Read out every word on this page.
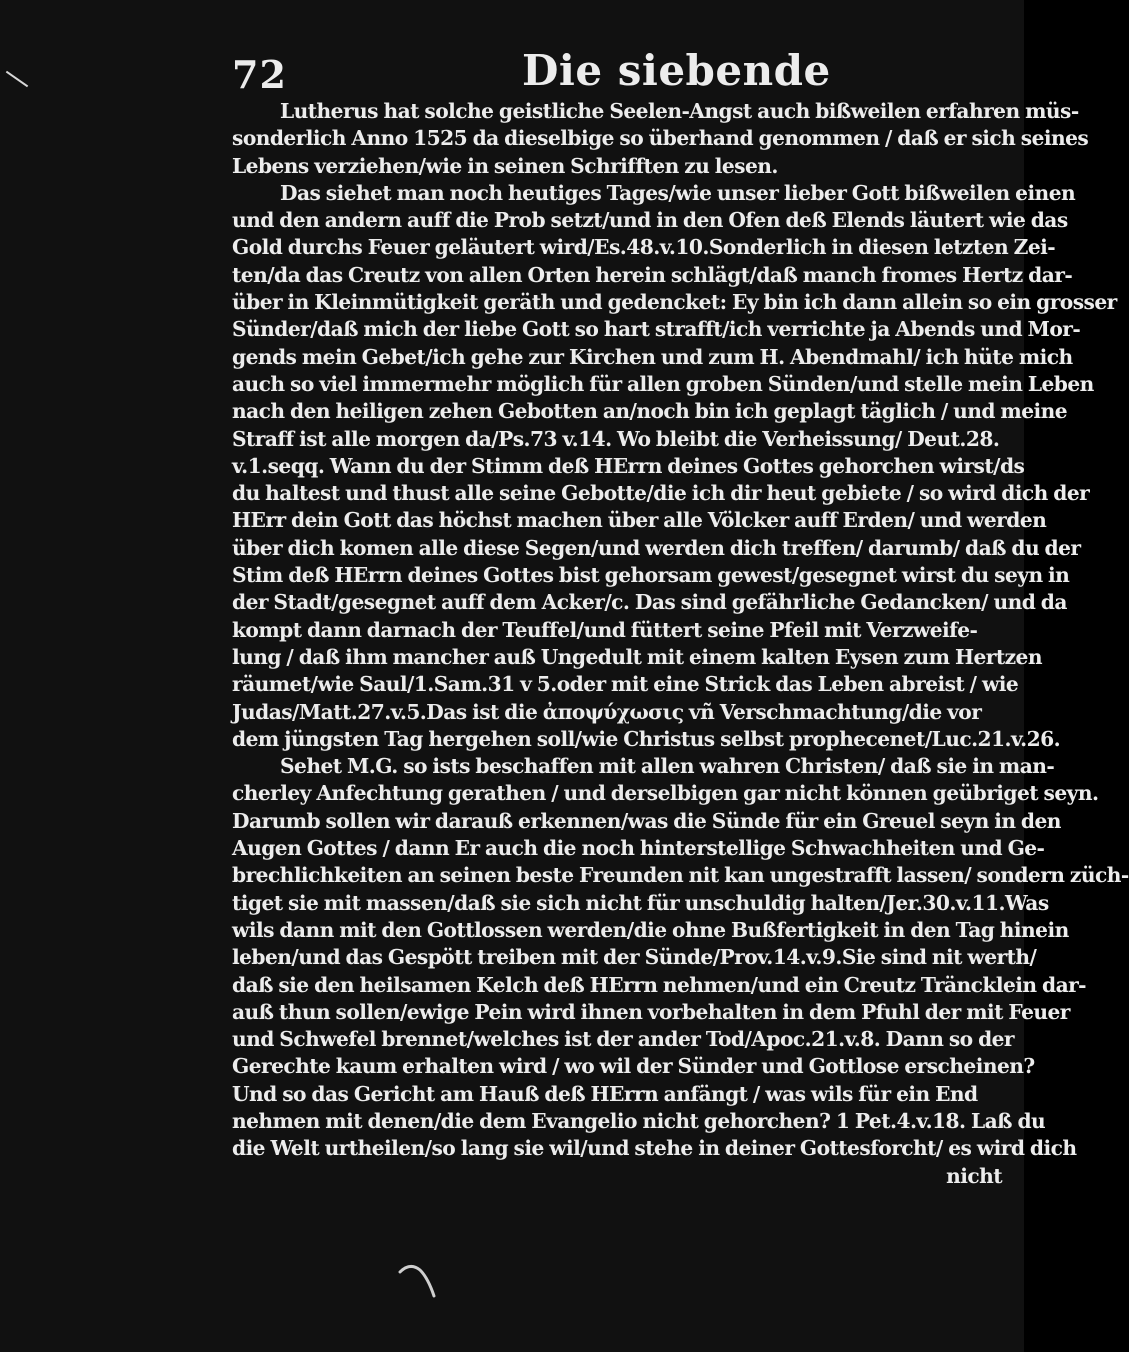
72	Die siebende
Lutherus hat solche geistliche Seelen-Angst auch bißweilen erfahren müs-
sonderlich Anno 1525 da dieselbige so überhand genommen / daß er sich seines
Lebens verziehen/wie in seinen Schrifften zu lesen.
Das siehet man noch heutiges Tages/wie unser lieber Gott bißweilen einen
und den andern auff die Prob setzt/und in den Ofen deß Elends läutert wie das
Gold durchs Feuer geläutert wird/Es.48.v.10.Sonderlich in diesen letzten Zei-
ten/da das Creutz von allen Orten herein schlägt/daß manch fromes Hertz dar-
über in Kleinmütigkeit geräth und gedencket: Ey bin ich dann allein so ein grosser
Sünder/daß mich der liebe Gott so hart strafft/ich verrichte ja Abends und Mor-
gends mein Gebet/ich gehe zur Kirchen und zum H. Abendmahl/ ich hüte mich
auch so viel immermehr möglich für allen groben Sünden/und stelle mein Leben
nach den heiligen zehen Gebotten an/noch bin ich geplagt täglich / und meine
Straff ist alle morgen da/Ps.73 v.14. Wo bleibt die Verheissung/ Deut.28.
v.1.seqq. Wann du der Stimm deß HErrn deines Gottes gehorchen wirst/ds
du haltest und thust alle seine Gebotte/die ich dir heut gebiete / so wird dich der
HErr dein Gott das höchst machen über alle Völcker auff Erden/ und werden
über dich komen alle diese Segen/und werden dich treffen/ darumb/ daß du der
Stim deß HErrn deines Gottes bist gehorsam gewest/gesegnet wirst du seyn in
der Stadt/gesegnet auff dem Acker/c. Das sind gefährliche Gedancken/ und da
kompt dann darnach der Teuffel/und füttert seine Pfeil mit Verzweife-
lung / daß ihm mancher auß Ungedult mit einem kalten Eysen zum Hertzen
räumet/wie Saul/1.Sam.31 v 5.oder mit eine Strick das Leben abreist / wie
Judas/Matt.27.v.5.Das ist die ἀποψύχωσις vñ Verschmachtung/die vor
dem jüngsten Tag hergehen soll/wie Christus selbst prophecenet/Luc.21.v.26.
Sehet M.G. so ists beschaffen mit allen wahren Christen/ daß sie in man-
cherley Anfechtung gerathen / und derselbigen gar nicht können geübriget seyn.
Darumb sollen wir darauß erkennen/was die Sünde für ein Greuel seyn in den
Augen Gottes / dann Er auch die noch hinterstellige Schwachheiten und Ge-
brechlichkeiten an seinen beste Freunden nit kan ungestrafft lassen/ sondern züch-
tiget sie mit massen/daß sie sich nicht für unschuldig halten/Jer.30.v.11.Was
wils dann mit den Gottlossen werden/die ohne Bußfertigkeit in den Tag hinein
leben/und das Gespött treiben mit der Sünde/Prov.14.v.9.Sie sind nit werth/
daß sie den heilsamen Kelch deß HErrn nehmen/und ein Creutz Träncklein dar-
auß thun sollen/ewige Pein wird ihnen vorbehalten in dem Pfuhl der mit Feuer
und Schwefel brennet/welches ist der ander Tod/Apoc.21.v.8. Dann so der
Gerechte kaum erhalten wird / wo wil der Sünder und Gottlose erscheinen?
Und so das Gericht am Hauß deß HErrn anfängt / was wils für ein End
nehmen mit denen/die dem Evangelio nicht gehorchen? 1 Pet.4.v.18. Laß du
die Welt urtheilen/so lang sie wil/und stehe in deiner Gottesforcht/ es wird dich
nicht
